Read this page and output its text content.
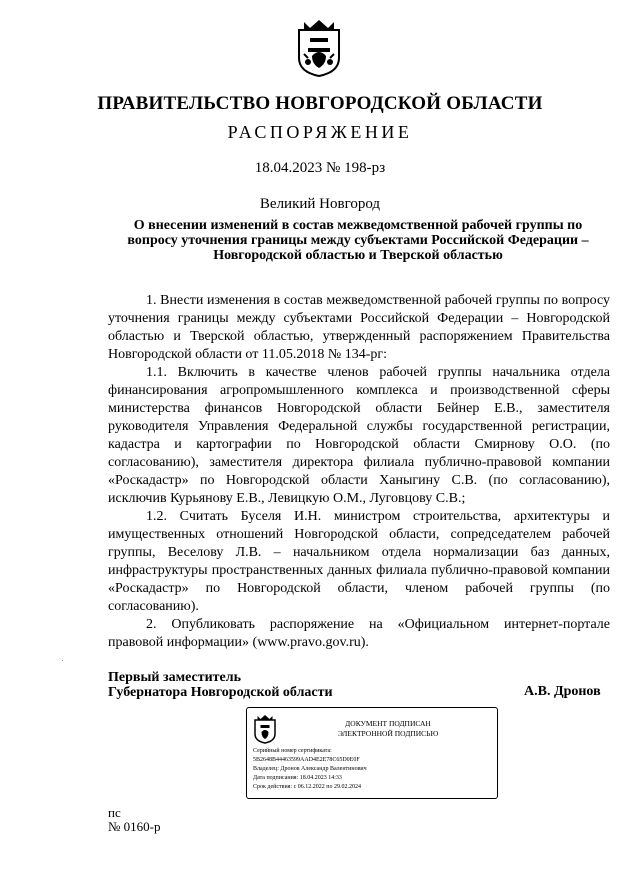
ПРАВИТЕЛЬСТВО НОВГОРОДСКОЙ ОБЛАСТИ
РАСПОРЯЖЕНИЕ
18.04.2023 № 198-рз
Великий Новгород
О внесении изменений в состав межведомственной рабочей группы по вопросу уточнения границы между субъектами Российской Федерации – Новгородской областью и Тверской областью

1. Внести изменения в состав межведомственной рабочей группы по вопросу уточнения границы между субъектами Российской Федерации – Новгородской областью и Тверской областью, утвержденный распоряжением Правительства Новгородской области от 11.05.2018 № 134-рг:

1.1. Включить в качестве членов рабочей группы начальника отдела финансирования агропромышленного комплекса и производственной сферы министерства финансов Новгородской области Бейнер Е.В., заместителя руководителя Управления Федеральной службы государственной регистрации, кадастра и картографии по Новгородской области Смирнову О.О. (по согласованию), заместителя директора филиала публично-правовой компании «Роскадастр» по Новгородской области Ханыгину С.В. (по согласованию), исключив Курьянову Е.В., Левицкую О.М., Луговцову С.В.;

1.2. Считать Буселя И.Н. министром строительства, архитектуры и имущественных отношений Новгородской области, сопредседателем рабочей группы, Веселову Л.В. – начальником отдела нормализации баз данных, инфраструктуры пространственных данных филиала публично-правовой компании «Роскадастр» по Новгородской области, членом рабочей группы (по согласованию).

2. Опубликовать распоряжение на «Официальном интернет-портале правовой информации» (www.pravo.gov.ru).

Первый заместитель
Губернатора Новгородской области	А.В. Дронов
ДОКУМЕНТ ПОДПИСАН
ЭЛЕКТРОННОЙ ПОДПИСЬЮ
Серийный номер сертификата:
5B2648B44463599AAD4E2E78C65D0E0F
Владелец: Дронов Александр Валентинович
Дата подписания: 18.04.2023 14:33
Срок действия: с 06.12.2022 по 29.02.2024
пс
№ 0160-р
